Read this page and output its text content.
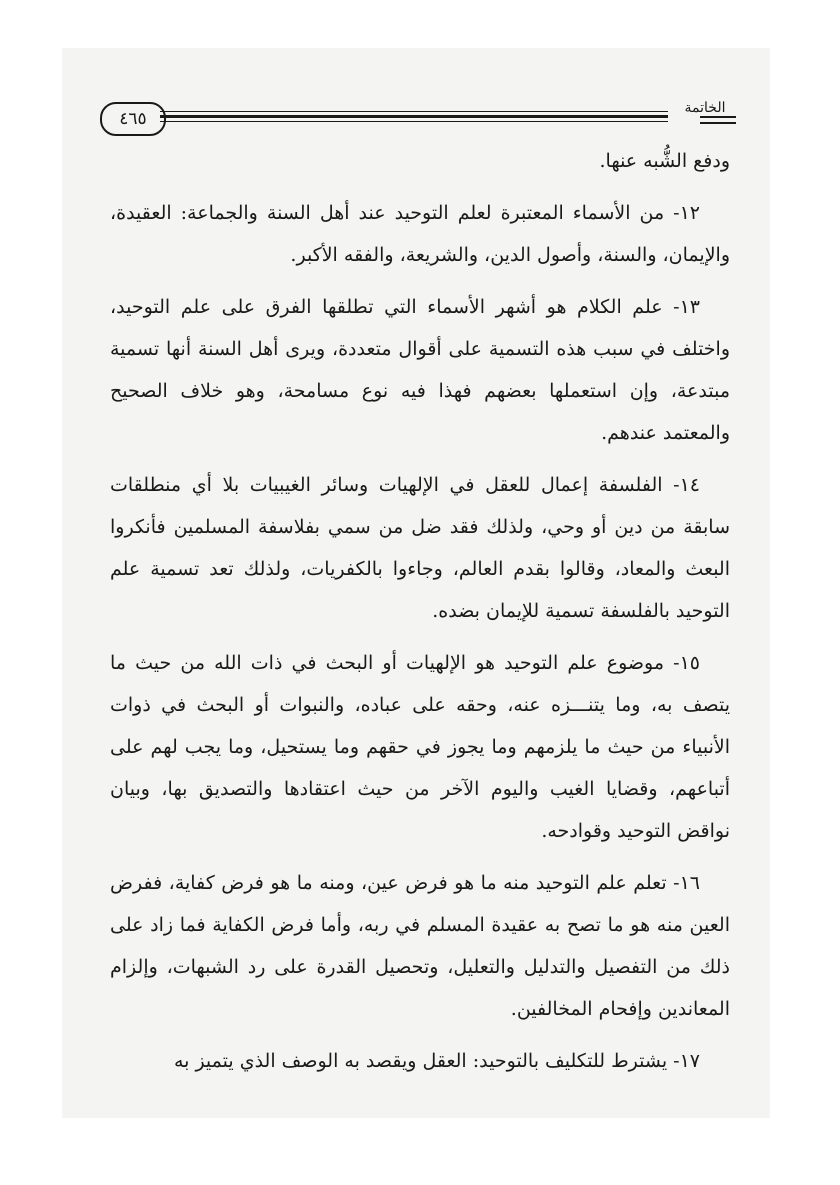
٤٦٥
الخاتمة

ودفع الشُّبه عنها.

١٢- من الأسماء المعتبرة لعلم التوحيد عند أهل السنة والجماعة: العقيدة، والإيمان، والسنة، وأصول الدين، والشريعة، والفقه الأكبر.

١٣- علم الكلام هو أشهر الأسماء التي تطلقها الفرق على علم التوحيد، واختلف في سبب هذه التسمية على أقوال متعددة، ويرى أهل السنة أنها تسمية مبتدعة، وإن استعملها بعضهم فهذا فيه نوع مسامحة، وهو خلاف الصحيح والمعتمد عندهم.

١٤- الفلسفة إعمال للعقل في الإلهيات وسائر الغيبيات بلا أي منطلقات سابقة من دين أو وحي، ولذلك فقد ضل من سمي بفلاسفة المسلمين فأنكروا البعث والمعاد، وقالوا بقدم العالم، وجاءوا بالكفريات، ولذلك تعد تسمية علم التوحيد بالفلسفة تسمية للإيمان بضده.

١٥- موضوع علم التوحيد هو الإلهيات أو البحث في ذات الله من حيث ما يتصف به، وما يتنـــزه عنه، وحقه على عباده، والنبوات أو البحث في ذوات الأنبياء من حيث ما يلزمهم وما يجوز في حقهم وما يستحيل، وما يجب لهم على أتباعهم، وقضايا الغيب واليوم الآخر من حيث اعتقادها والتصديق بها، وبيان نواقض التوحيد وقوادحه.

١٦- تعلم علم التوحيد منه ما هو فرض عين، ومنه ما هو فرض كفاية، ففرض العين منه هو ما تصح به عقيدة المسلم في ربه، وأما فرض الكفاية فما زاد على ذلك من التفصيل والتدليل والتعليل، وتحصيل القدرة على رد الشبهات، وإلزام المعاندين وإفحام المخالفين.

١٧- يشترط للتكليف بالتوحيد: العقل ويقصد به الوصف الذي يتميز به
